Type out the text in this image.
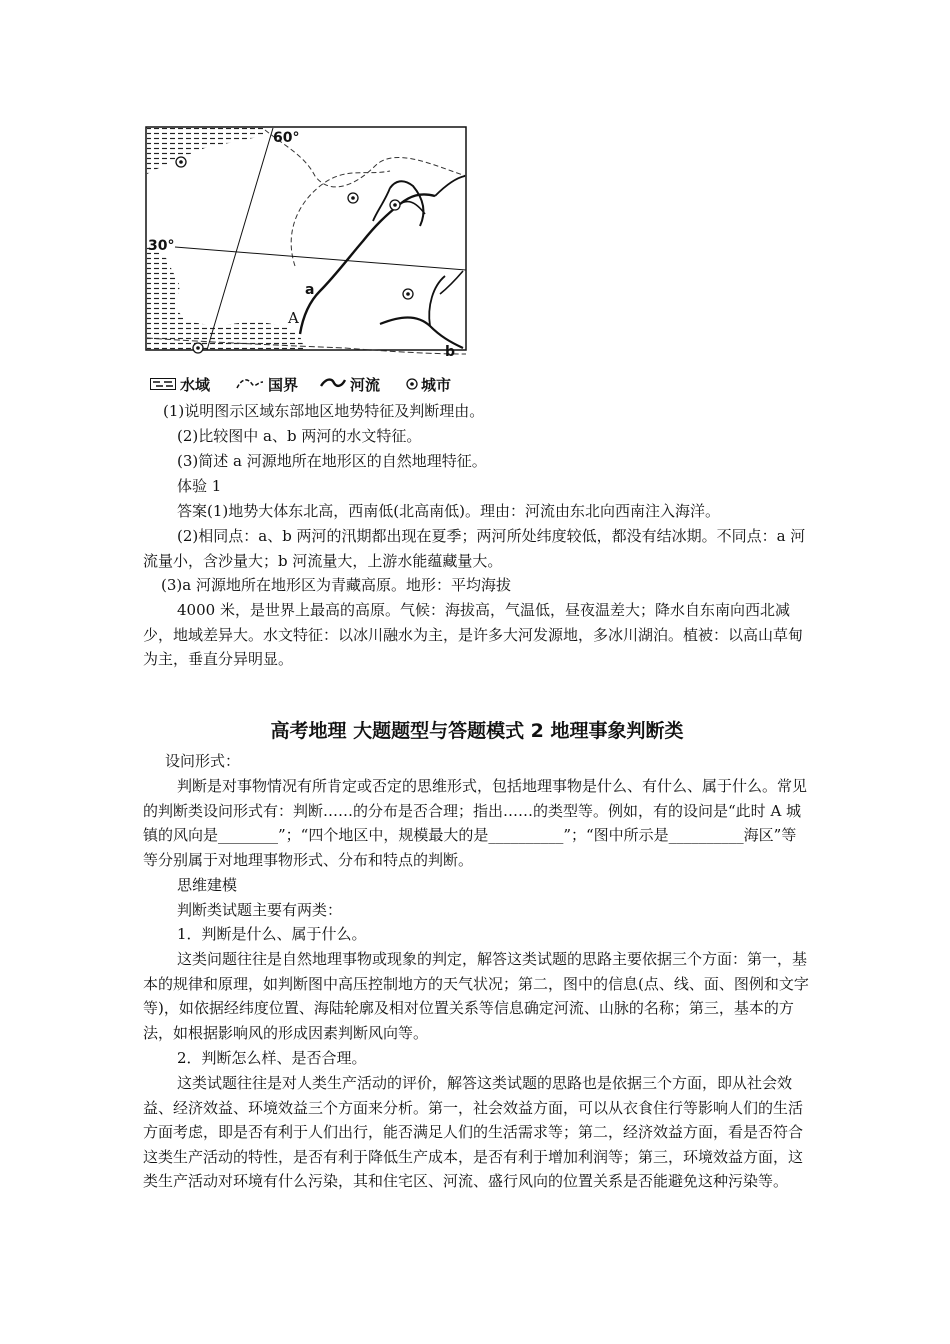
60°
30°
a
A
b
水域	国界	河流	城市

(1)说明图示区域东部地区地势特征及判断理由。

(2)比较图中 a、b 两河的水文特征。

(3)简述 a 河源地所在地形区的自然地理特征。

体验 1

答案(1)地势大体东北高，西南低(北高南低)。理由：河流由东北向西南注入海洋。

(2)相同点：a、b 两河的汛期都出现在夏季；两河所处纬度较低，都没有结冰期。不同点：a 河流量小，含沙量大；b 河流量大，上游水能蕴藏量大。

(3)a 河源地所在地形区为青藏高原。地形：平均海拔

4000 米，是世界上最高的高原。气候：海拔高，气温低，昼夜温差大；降水自东南向西北减少，地域差异大。水文特征：以冰川融水为主，是许多大河发源地，多冰川湖泊。植被：以高山草甸为主，垂直分异明显。

高考地理 大题题型与答题模式 2 地理事象判断类

设问形式：

判断是对事物情况有所肯定或否定的思维形式，包括地理事物是什么、有什么、属于什么。常见的判断类设问形式有：判断……的分布是否合理；指出……的类型等。例如，有的设问是“此时 A 城镇的风向是________”；“四个地区中，规模最大的是__________”；“图中所示是__________海区”等等分别属于对地理事物形式、分布和特点的判断。

思维建模

判断类试题主要有两类：

1．判断是什么、属于什么。

这类问题往往是自然地理事物或现象的判定，解答这类试题的思路主要依据三个方面：第一，基本的规律和原理，如判断图中高压控制地方的天气状况；第二，图中的信息(点、线、面、图例和文字等)，如依据经纬度位置、海陆轮廓及相对位置关系等信息确定河流、山脉的名称；第三，基本的方法，如根据影响风的形成因素判断风向等。

2．判断怎么样、是否合理。

这类试题往往是对人类生产活动的评价，解答这类试题的思路也是依据三个方面，即从社会效益、经济效益、环境效益三个方面来分析。第一，社会效益方面，可以从衣食住行等影响人们的生活方面考虑，即是否有利于人们出行，能否满足人们的生活需求等；第二，经济效益方面，看是否符合这类生产活动的特性，是否有利于降低生产成本，是否有利于增加利润等；第三，环境效益方面，这类生产活动对环境有什么污染，其和住宅区、河流、盛行风向的位置关系是否能避免这种污染等。
